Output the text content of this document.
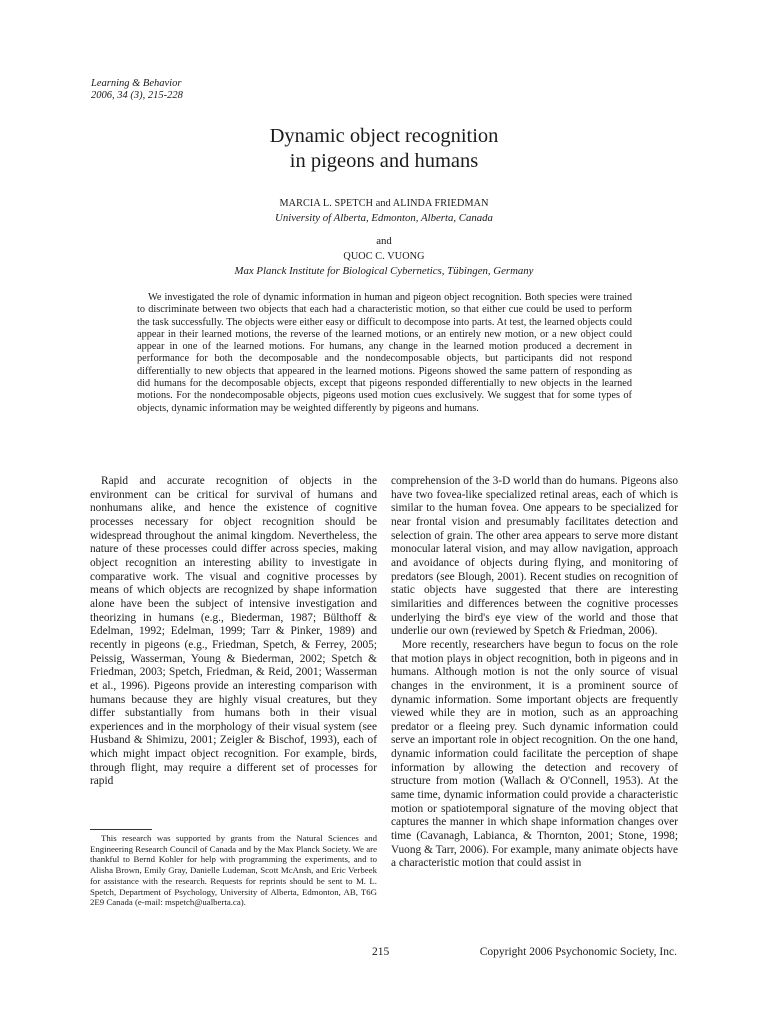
Learning & Behavior
2006, 34 (3), 215-228
Dynamic object recognition
in pigeons and humans
MARCIA L. SPETCH and ALINDA FRIEDMAN
University of Alberta, Edmonton, Alberta, Canada
and
QUOC C. VUONG
Max Planck Institute for Biological Cybernetics, Tübingen, Germany

We investigated the role of dynamic information in human and pigeon object recognition. Both species were trained to discriminate between two objects that each had a characteristic motion, so that either cue could be used to perform the task successfully. The objects were either easy or difficult to decompose into parts. At test, the learned objects could appear in their learned motions, the reverse of the learned motions, or an entirely new motion, or a new object could appear in one of the learned motions. For humans, any change in the learned motion produced a decrement in performance for both the decomposable and the nondecomposable objects, but participants did not respond differentially to new objects that appeared in the learned motions. Pigeons showed the same pattern of responding as did humans for the decomposable objects, except that pigeons responded differentially to new objects in the learned motions. For the nondecomposable objects, pigeons used motion cues exclusively. We suggest that for some types of objects, dynamic information may be weighted differently by pigeons and humans.

Rapid and accurate recognition of objects in the environment can be critical for survival of humans and nonhumans alike, and hence the existence of cognitive processes necessary for object recognition should be widespread throughout the animal kingdom. Nevertheless, the nature of these processes could differ across species, making object recognition an interesting ability to investigate in comparative work. The visual and cognitive processes by means of which objects are recognized by shape information alone have been the subject of intensive investigation and theorizing in humans (e.g., Biederman, 1987; Bülthoff & Edelman, 1992; Edelman, 1999; Tarr & Pinker, 1989) and recently in pigeons (e.g., Friedman, Spetch, & Ferrey, 2005; Peissig, Wasserman, Young & Biederman, 2002; Spetch & Friedman, 2003; Spetch, Friedman, & Reid, 2001; Wasserman et al., 1996). Pigeons provide an interesting comparison with humans because they are highly visual creatures, but they differ substantially from humans both in their visual experiences and in the morphology of their visual system (see Husband & Shimizu, 2001; Zeigler & Bischof, 1993), each of which might impact object recognition. For example, birds, through flight, may require a different set of processes for rapid

comprehension of the 3-D world than do humans. Pigeons also have two fovea-like specialized retinal areas, each of which is similar to the human fovea. One appears to be specialized for near frontal vision and presumably facilitates detection and selection of grain. The other area appears to serve more distant monocular lateral vision, and may allow navigation, approach and avoidance of objects during flying, and monitoring of predators (see Blough, 2001). Recent studies on recognition of static objects have suggested that there are interesting similarities and differences between the cognitive processes underlying the bird's eye view of the world and those that underlie our own (reviewed by Spetch & Friedman, 2006).

More recently, researchers have begun to focus on the role that motion plays in object recognition, both in pigeons and in humans. Although motion is not the only source of visual changes in the environment, it is a prominent source of dynamic information. Some important objects are frequently viewed while they are in motion, such as an approaching predator or a fleeing prey. Such dynamic information could serve an important role in object recognition. On the one hand, dynamic information could facilitate the perception of shape information by allowing the detection and recovery of structure from motion (Wallach & O'Connell, 1953). At the same time, dynamic information could provide a characteristic motion or spatiotemporal signature of the moving object that captures the manner in which shape information changes over time (Cavanagh, Labianca, & Thornton, 2001; Stone, 1998; Vuong & Tarr, 2006). For example, many animate objects have a characteristic motion that could assist in

This research was supported by grants from the Natural Sciences and Engineering Research Council of Canada and by the Max Planck Society. We are thankful to Bernd Kohler for help with programming the experiments, and to Alisha Brown, Emily Gray, Danielle Ludeman, Scott McAnsh, and Eric Verbeek for assistance with the research. Requests for reprints should be sent to M. L. Spetch, Department of Psychology, University of Alberta, Edmonton, AB, T6G 2E9 Canada (e-mail: mspetch@ualberta.ca).

215	Copyright 2006 Psychonomic Society, Inc.
